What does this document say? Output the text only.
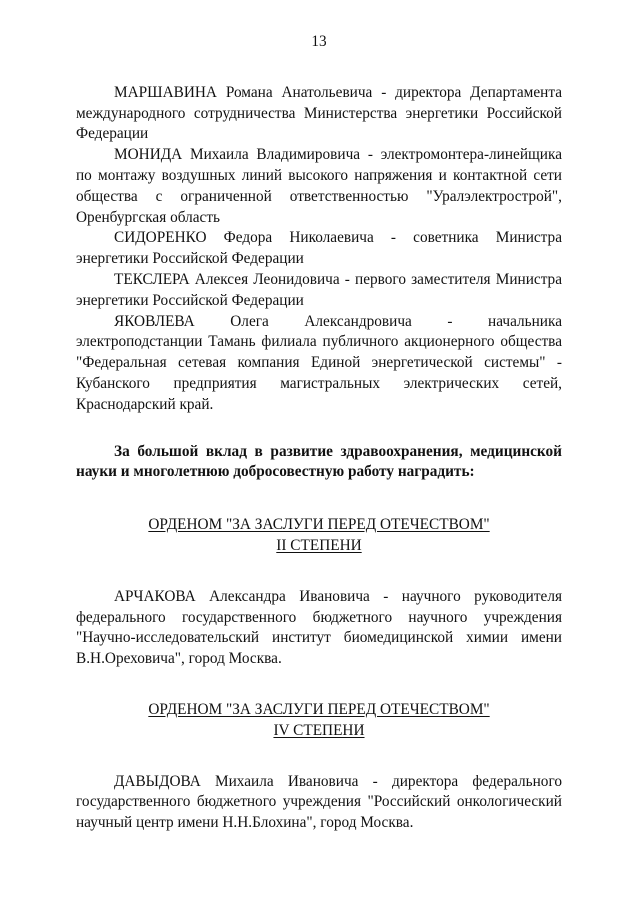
13

МАРШАВИНА Романа Анатольевича - директора Департамента международного сотрудничества Министерства энергетики Российской Федерации

МОНИДА Михаила Владимировича - электромонтера-линейщика по монтажу воздушных линий высокого напряжения и контактной сети общества с ограниченной ответственностью "Уралэлектрострой", Оренбургская область

СИДОРЕНКО Федора Николаевича - советника Министра энергетики Российской Федерации

ТЕКСЛЕРА Алексея Леонидовича - первого заместителя Министра энергетики Российской Федерации

ЯКОВЛЕВА Олега Александровича - начальника электроподстанции Тамань филиала публичного акционерного общества "Федеральная сетевая компания Единой энергетической системы" - Кубанского предприятия магистральных электрических сетей, Краснодарский край.

За большой вклад в развитие здравоохранения, медицинской науки и многолетнюю добросовестную работу наградить:

ОРДЕНОМ "ЗА ЗАСЛУГИ ПЕРЕД ОТЕЧЕСТВОМ"

II СТЕПЕНИ

АРЧАКОВА Александра Ивановича - научного руководителя федерального государственного бюджетного научного учреждения "Научно-исследовательский институт биомедицинской химии имени В.Н.Ореховича", город Москва.

ОРДЕНОМ "ЗА ЗАСЛУГИ ПЕРЕД ОТЕЧЕСТВОМ"

IV СТЕПЕНИ

ДАВЫДОВА Михаила Ивановича - директора федерального государственного бюджетного учреждения "Российский онкологический научный центр имени Н.Н.Блохина", город Москва.
